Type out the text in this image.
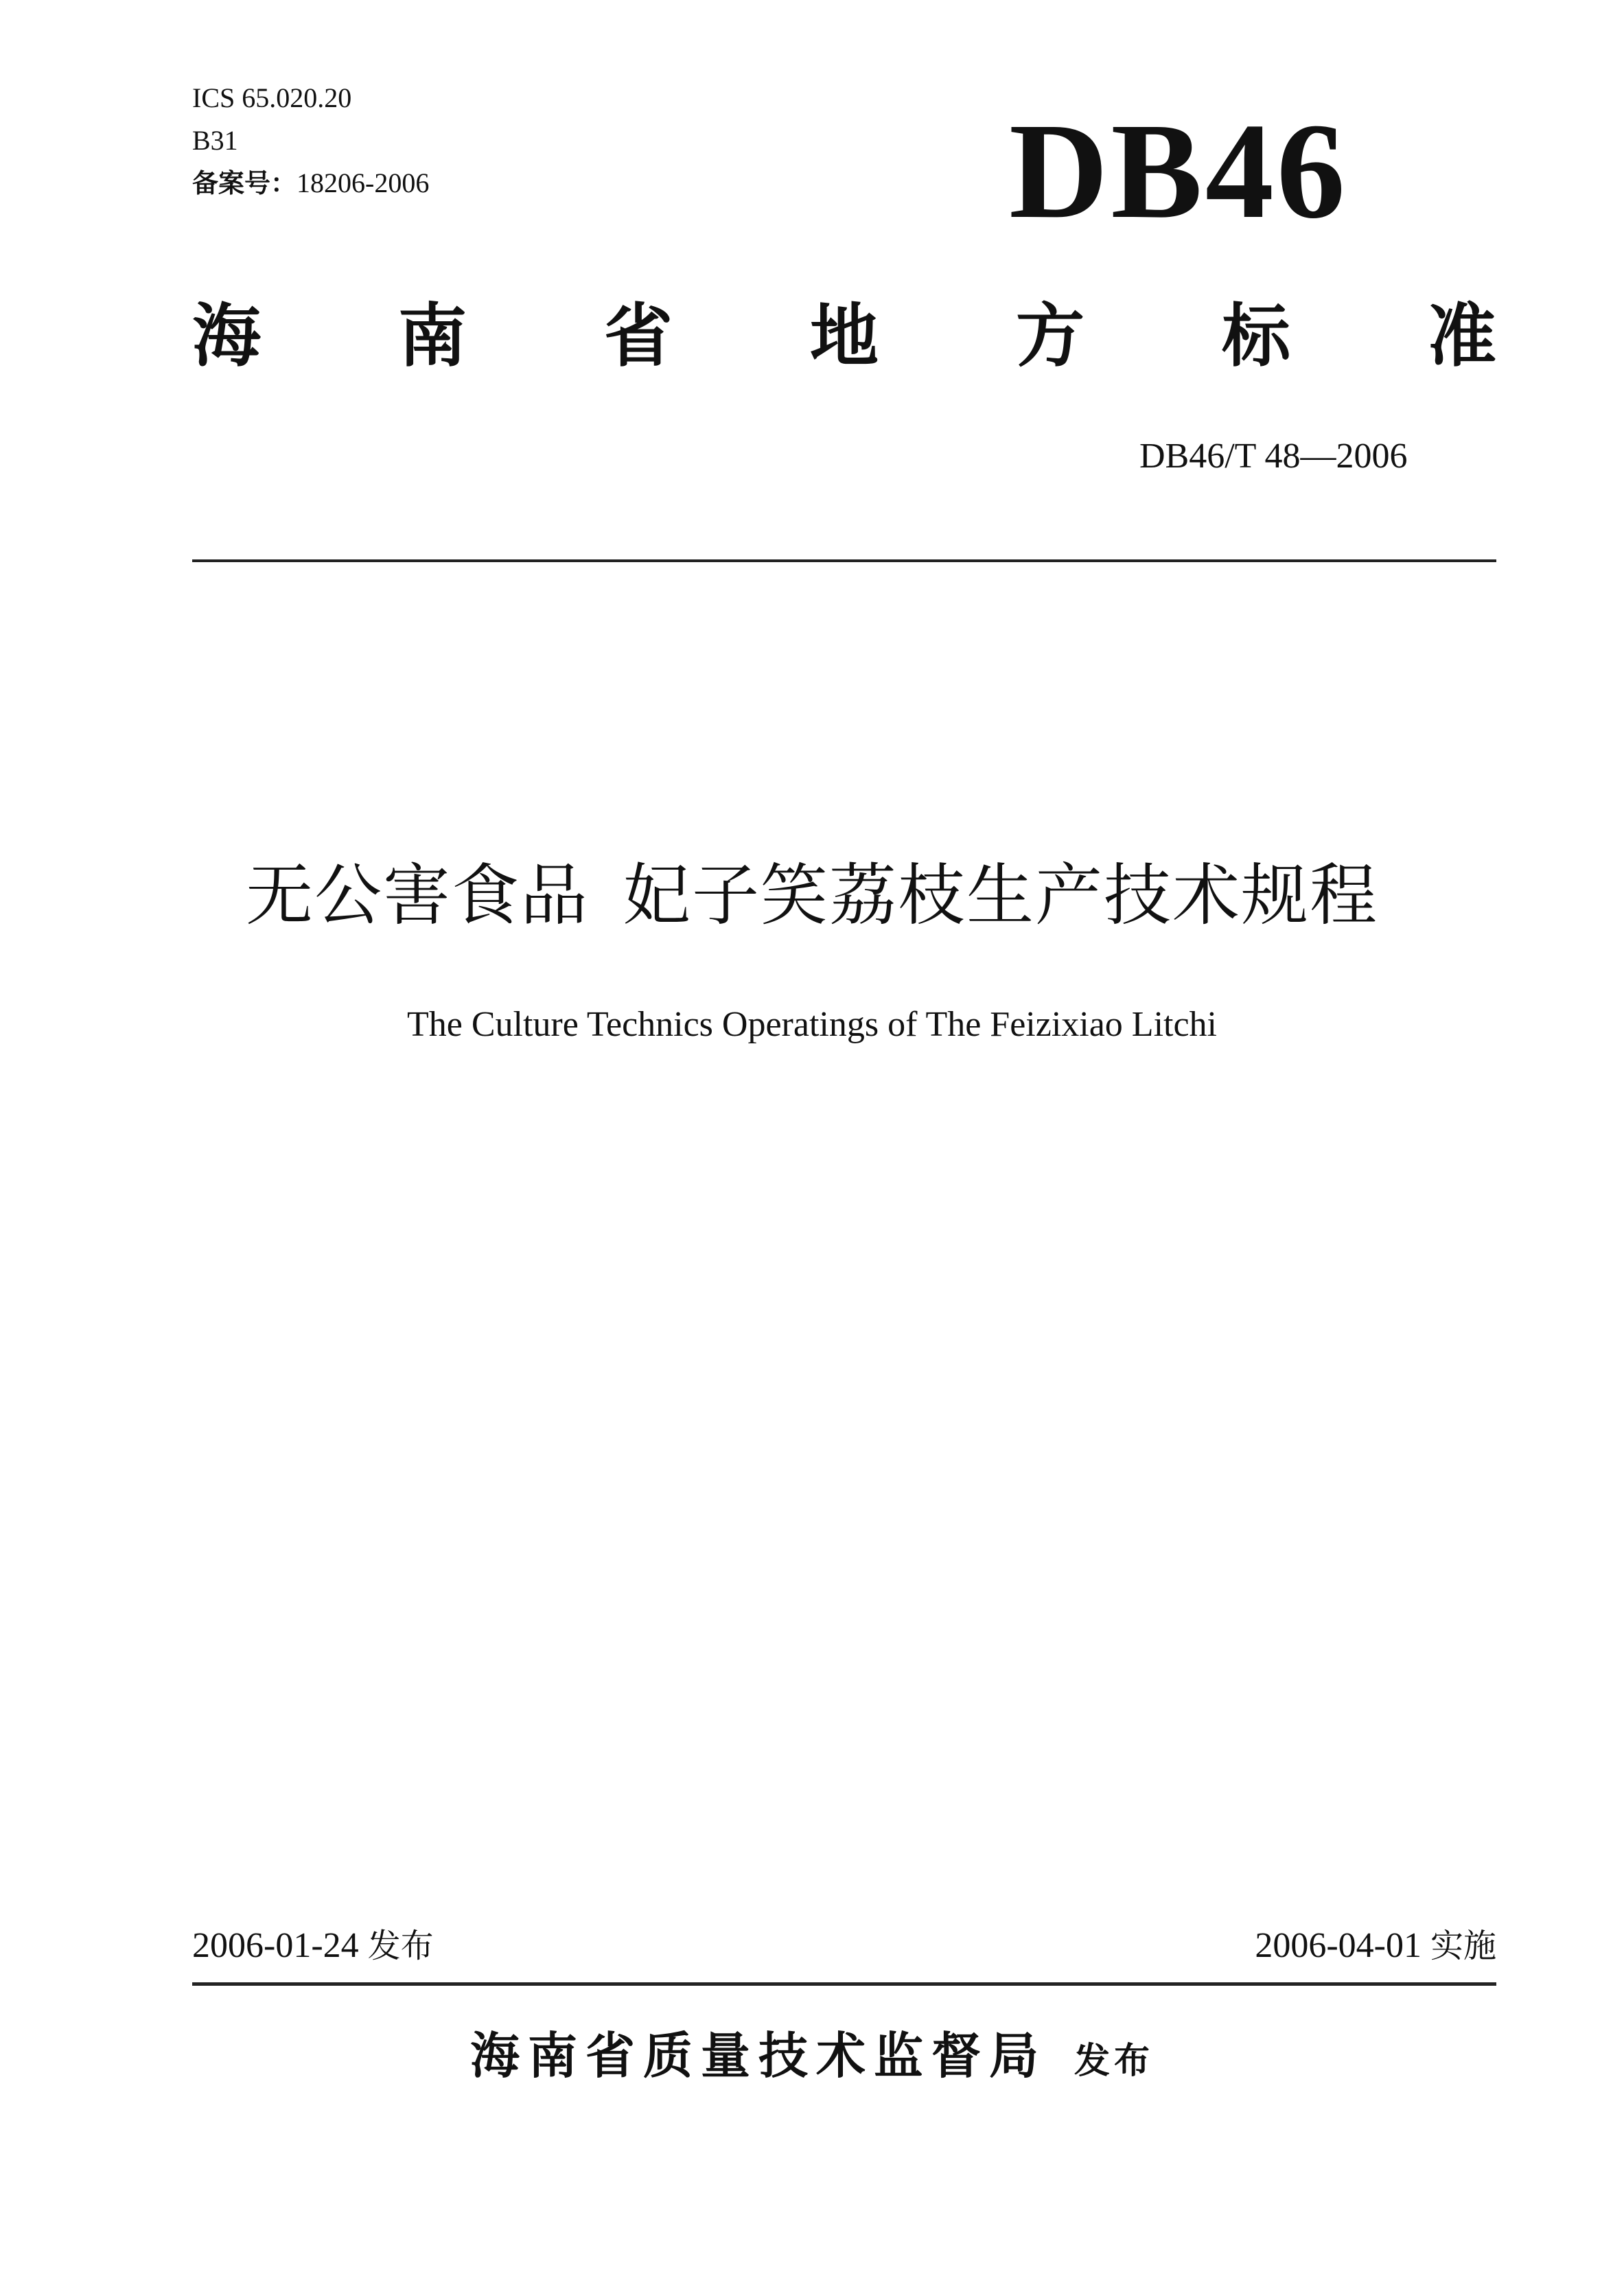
ICS 65.020.20
B31
备案号：18206-2006	DB46
海 南 省 地 方 标 准
DB46/T 48—2006
无公害食品 妃子笑荔枝生产技术规程
The Culture Technics Operatings of The Feizixiao Litchi
2006-01-24 发布	2006-04-01 实施
海南省质量技术监督局 发布
